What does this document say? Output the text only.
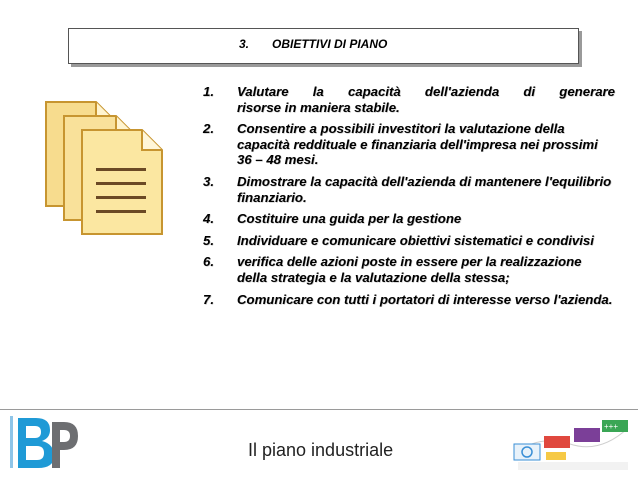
3. OBIETTIVI DI PIANO
1.	Valutare la capacità dell'azienda di generare
risorse in maniera stabile.
2.	Consentire a possibili investitori la valutazione della capacità reddituale e finanziaria dell'impresa nei prossimi 36 – 48 mesi.
3.	Dimostrare la capacità dell'azienda di mantenere l'equilibrio finanziario.
4.	Costituire una guida per la gestione
5.	Individuare e comunicare obiettivi sistematici e condivisi
6.	verifica delle azioni poste in essere per la realizzazione della strategia e la valutazione della stessa;
7.	Comunicare con tutti i portatori di interesse verso l'azienda.
&	Il piano industriale
+++
